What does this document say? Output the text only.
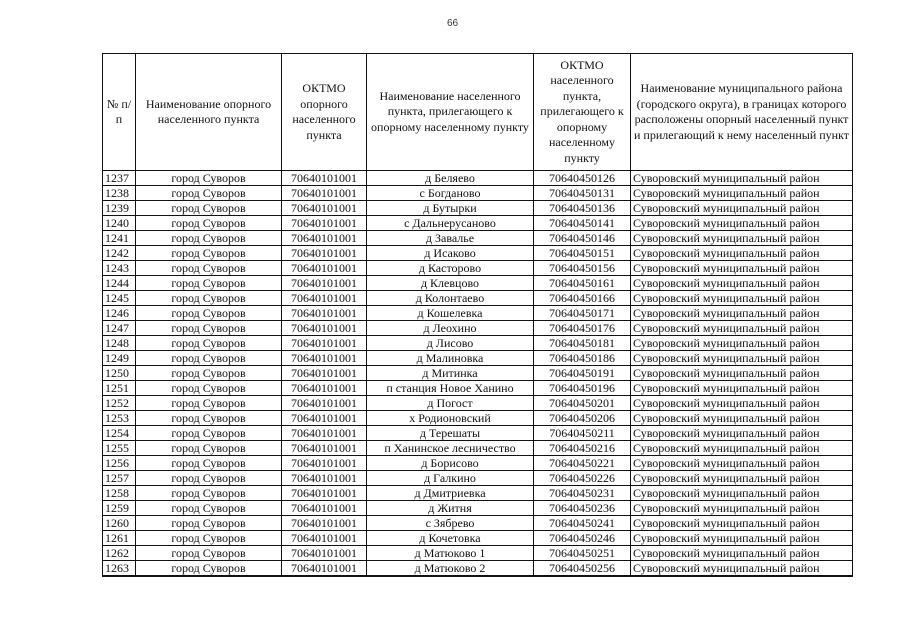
66
№ п/п	Наименование опорного населенного пункта	ОКТМО опорного населенного пункта	Наименование населенного пункта, прилегающего к опорному населенному пункту	ОКТМО населенного пункта, прилегающего к опорному населенному пункту	Наименование муниципального района (городского округа), в границах которого расположены опорный населенный пункт и прилегающий к нему населенный пункт
1237	город Суворов	70640101001	д Беляево	70640450126	Суворовский муниципальный район
1238	город Суворов	70640101001	с Богданово	70640450131	Суворовский муниципальный район
1239	город Суворов	70640101001	д Бутырки	70640450136	Суворовский муниципальный район
1240	город Суворов	70640101001	с Дальнерусаново	70640450141	Суворовский муниципальный район
1241	город Суворов	70640101001	д Завалье	70640450146	Суворовский муниципальный район
1242	город Суворов	70640101001	д Исаково	70640450151	Суворовский муниципальный район
1243	город Суворов	70640101001	д Касторово	70640450156	Суворовский муниципальный район
1244	город Суворов	70640101001	д Клевцово	70640450161	Суворовский муниципальный район
1245	город Суворов	70640101001	д Колонтаево	70640450166	Суворовский муниципальный район
1246	город Суворов	70640101001	д Кошелевка	70640450171	Суворовский муниципальный район
1247	город Суворов	70640101001	д Леохино	70640450176	Суворовский муниципальный район
1248	город Суворов	70640101001	д Лисово	70640450181	Суворовский муниципальный район
1249	город Суворов	70640101001	д Малиновка	70640450186	Суворовский муниципальный район
1250	город Суворов	70640101001	д Митинка	70640450191	Суворовский муниципальный район
1251	город Суворов	70640101001	п станция Новое Ханино	70640450196	Суворовский муниципальный район
1252	город Суворов	70640101001	д Погост	70640450201	Суворовский муниципальный район
1253	город Суворов	70640101001	х Родионовский	70640450206	Суворовский муниципальный район
1254	город Суворов	70640101001	д Терешаты	70640450211	Суворовский муниципальный район
1255	город Суворов	70640101001	п Ханинское лесничество	70640450216	Суворовский муниципальный район
1256	город Суворов	70640101001	д Борисово	70640450221	Суворовский муниципальный район
1257	город Суворов	70640101001	д Галкино	70640450226	Суворовский муниципальный район
1258	город Суворов	70640101001	д Дмитриевка	70640450231	Суворовский муниципальный район
1259	город Суворов	70640101001	д Житня	70640450236	Суворовский муниципальный район
1260	город Суворов	70640101001	с Зябрево	70640450241	Суворовский муниципальный район
1261	город Суворов	70640101001	д Кочетовка	70640450246	Суворовский муниципальный район
1262	город Суворов	70640101001	д Матюково 1	70640450251	Суворовский муниципальный район
1263	город Суворов	70640101001	д Матюково 2	70640450256	Суворовский муниципальный район
